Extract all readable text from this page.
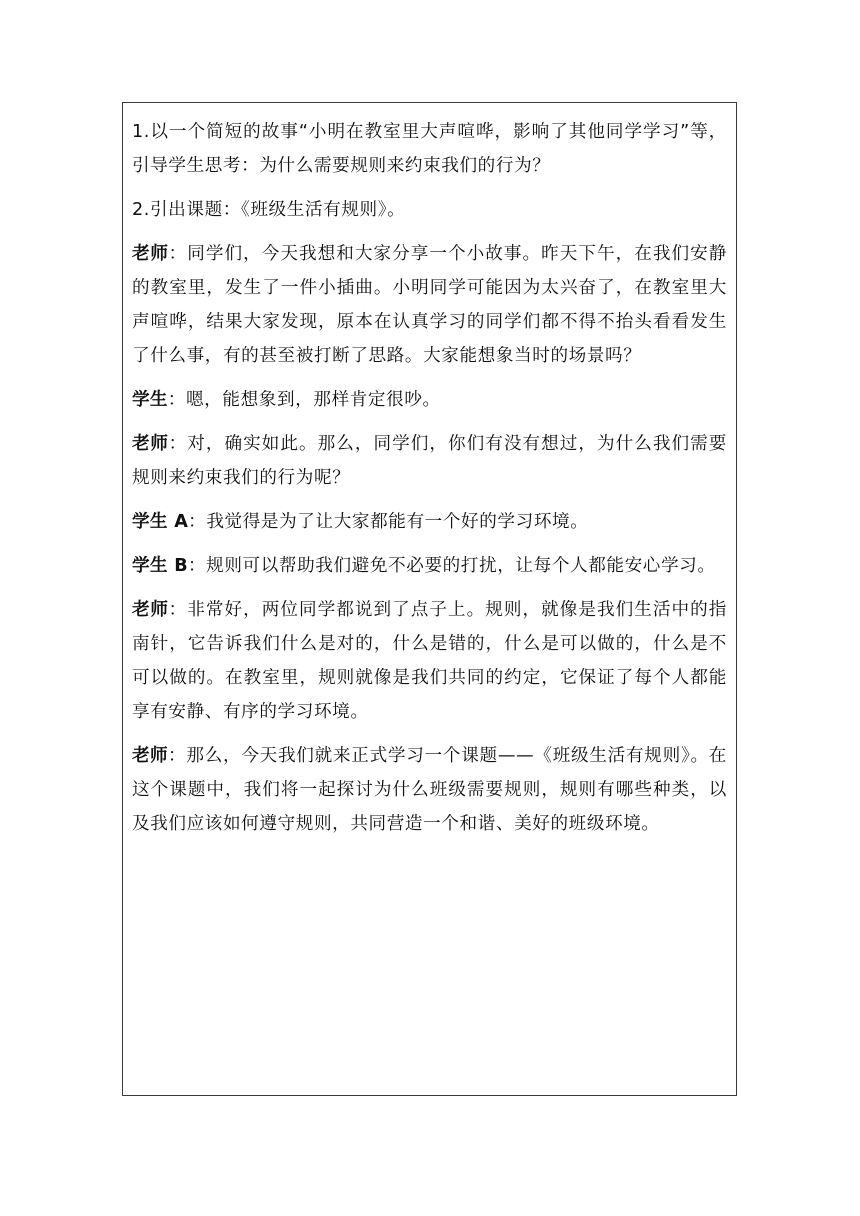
1.以一个简短的故事“小明在教室里大声喧哗，影响了其他同学学习”等，引导学生思考：为什么需要规则来约束我们的行为？

2.引出课题：《班级生活有规则》。

老师：同学们，今天我想和大家分享一个小故事。昨天下午，在我们安静的教室里，发生了一件小插曲。小明同学可能因为太兴奋了，在教室里大声喧哗，结果大家发现，原本在认真学习的同学们都不得不抬头看看发生了什么事，有的甚至被打断了思路。大家能想象当时的场景吗？

学生：嗯，能想象到，那样肯定很吵。

老师：对，确实如此。那么，同学们，你们有没有想过，为什么我们需要规则来约束我们的行为呢？

学生 A：我觉得是为了让大家都能有一个好的学习环境。

学生 B：规则可以帮助我们避免不必要的打扰，让每个人都能安心学习。

老师：非常好，两位同学都说到了点子上。规则，就像是我们生活中的指南针，它告诉我们什么是对的，什么是错的，什么是可以做的，什么是不可以做的。在教室里，规则就像是我们共同的约定，它保证了每个人都能享有安静、有序的学习环境。

老师：那么，今天我们就来正式学习一个课题——《班级生活有规则》。在这个课题中，我们将一起探讨为什么班级需要规则，规则有哪些种类，以及我们应该如何遵守规则，共同营造一个和谐、美好的班级环境。
